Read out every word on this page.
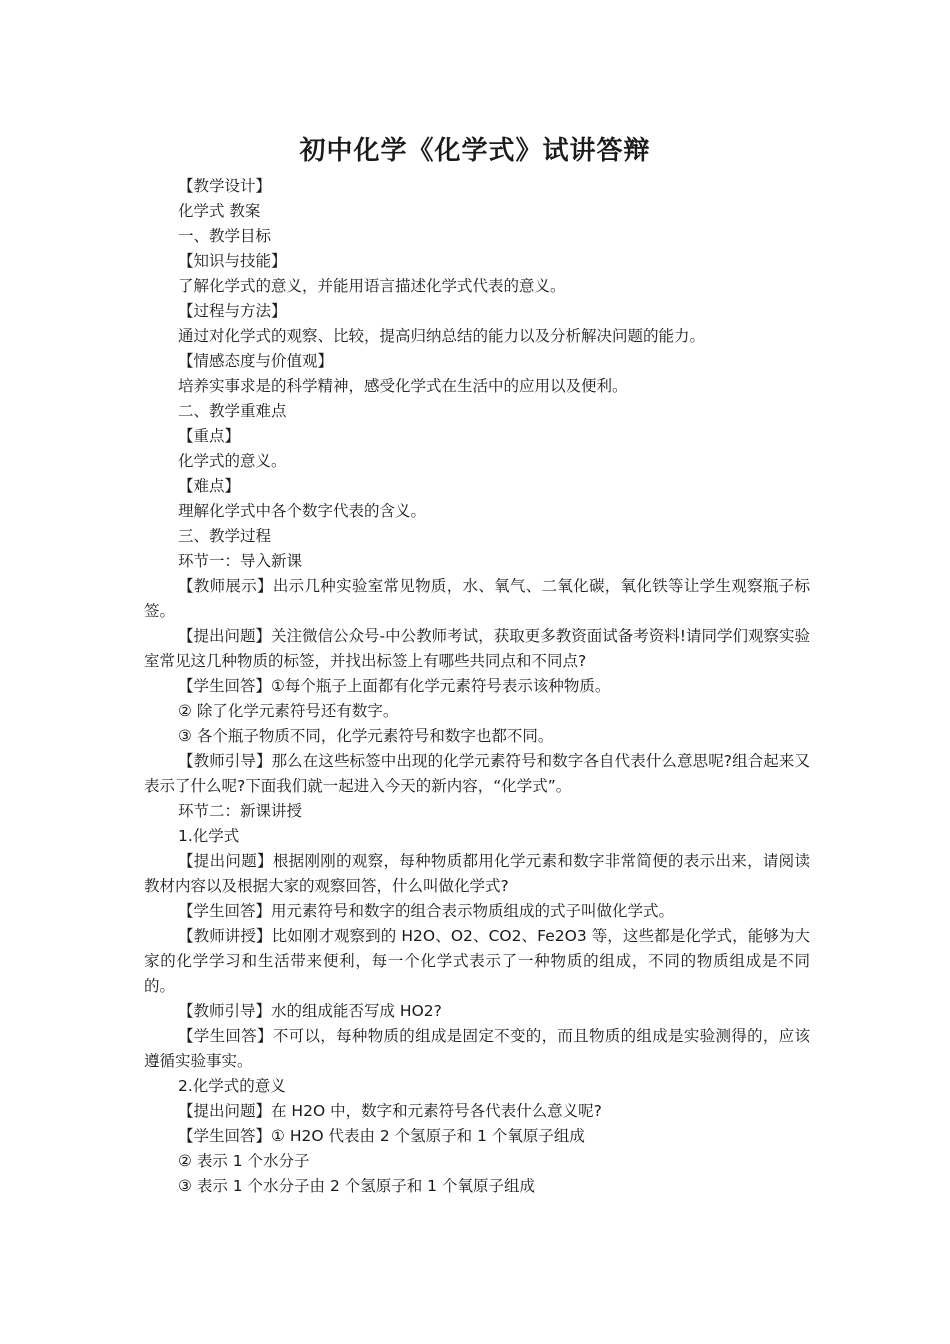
初中化学《化学式》试讲答辩

【教学设计】

化学式 教案

一、教学目标

【知识与技能】

了解化学式的意义，并能用语言描述化学式代表的意义。

【过程与方法】

通过对化学式的观察、比较，提高归纳总结的能力以及分析解决问题的能力。

【情感态度与价值观】

培养实事求是的科学精神，感受化学式在生活中的应用以及便利。

二、教学重难点

【重点】

化学式的意义。

【难点】

理解化学式中各个数字代表的含义。

三、教学过程

环节一：导入新课

【教师展示】出示几种实验室常见物质，水、氧气、二氧化碳，氧化铁等让学生观察瓶子标签。

【提出问题】关注微信公众号-中公教师考试，获取更多教资面试备考资料!请同学们观察实验室常见这几种物质的标签，并找出标签上有哪些共同点和不同点?

【学生回答】①每个瓶子上面都有化学元素符号表示该种物质。

② 除了化学元素符号还有数字。

③ 各个瓶子物质不同，化学元素符号和数字也都不同。

【教师引导】那么在这些标签中出现的化学元素符号和数字各自代表什么意思呢?组合起来又表示了什么呢?下面我们就一起进入今天的新内容，“化学式”。

环节二：新课讲授

1.化学式

【提出问题】根据刚刚的观察，每种物质都用化学元素和数字非常简便的表示出来，请阅读教材内容以及根据大家的观察回答，什么叫做化学式?

【学生回答】用元素符号和数字的组合表示物质组成的式子叫做化学式。

【教师讲授】比如刚才观察到的 H2O、O2、CO2、Fe2O3 等，这些都是化学式，能够为大家的化学学习和生活带来便利，每一个化学式表示了一种物质的组成，不同的物质组成是不同的。

【教师引导】水的组成能否写成 HO2?

【学生回答】不可以，每种物质的组成是固定不变的，而且物质的组成是实验测得的，应该遵循实验事实。

2.化学式的意义

【提出问题】在 H2O 中，数字和元素符号各代表什么意义呢?

【学生回答】① H2O 代表由 2 个氢原子和 1 个氧原子组成

② 表示 1 个水分子

③ 表示 1 个水分子由 2 个氢原子和 1 个氧原子组成
